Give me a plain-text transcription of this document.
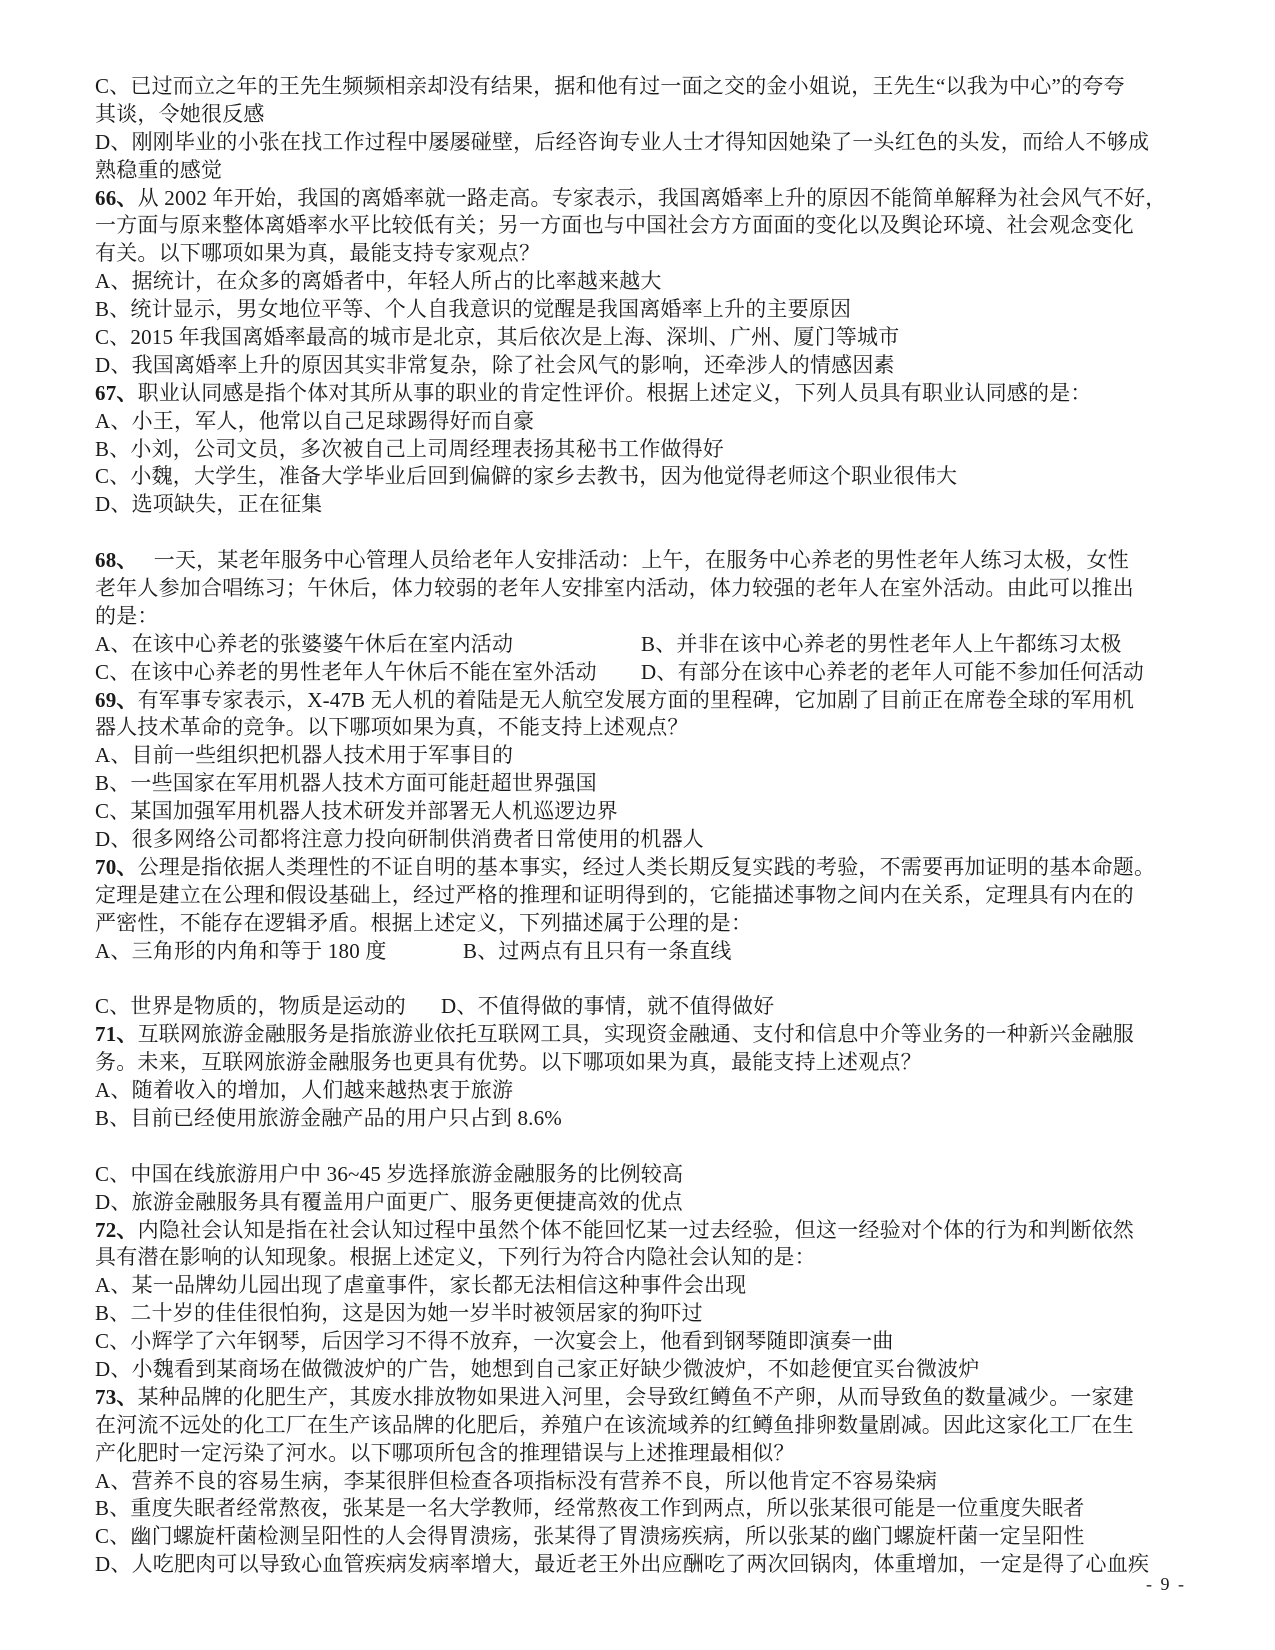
C、已过而立之年的王先生频频相亲却没有结果，据和他有过一面之交的金小姐说，王先生“以我为中心”的夸夸
其谈，令她很反感
D、刚刚毕业的小张在找工作过程中屡屡碰壁，后经咨询专业人士才得知因她染了一头红色的头发，而给人不够成
熟稳重的感觉
66、从 2002 年开始，我国的离婚率就一路走高。专家表示，我国离婚率上升的原因不能简单解释为社会风气不好，
一方面与原来整体离婚率水平比较低有关；另一方面也与中国社会方方面面的变化以及舆论环境、社会观念变化
有关。以下哪项如果为真，最能支持专家观点？
A、据统计，在众多的离婚者中，年轻人所占的比率越来越大
B、统计显示，男女地位平等、个人自我意识的觉醒是我国离婚率上升的主要原因
C、2015 年我国离婚率最高的城市是北京，其后依次是上海、深圳、广州、厦门等城市
D、我国离婚率上升的原因其实非常复杂，除了社会风气的影响，还牵涉人的情感因素
67、职业认同感是指个体对其所从事的职业的肯定性评价。根据上述定义，下列人员具有职业认同感的是：
A、小王，军人，他常以自己足球踢得好而自豪
B、小刘，公司文员，多次被自己上司周经理表扬其秘书工作做得好
C、小魏，大学生，准备大学毕业后回到偏僻的家乡去教书，因为他觉得老师这个职业很伟大
D、选项缺失，正在征集
68、　 一天，某老年服务中心管理人员给老年人安排活动：上午，在服务中心养老的男性老年人练习太极，女性
老年人参加合唱练习；午休后，体力较弱的老年人安排室内活动，体力较强的老年人在室外活动。由此可以推出
的是：
A、在该中心养老的张婆婆午休后在室内活动	B、并非在该中心养老的男性老年人上午都练习太极
C、在该中心养老的男性老年人午休后不能在室外活动	D、有部分在该中心养老的老年人可能不参加任何活动
69、有军事专家表示，X-47B 无人机的着陆是无人航空发展方面的里程碑，它加剧了目前正在席卷全球的军用机
器人技术革命的竞争。以下哪项如果为真，不能支持上述观点？
A、目前一些组织把机器人技术用于军事目的
B、一些国家在军用机器人技术方面可能赶超世界强国
C、某国加强军用机器人技术研发并部署无人机巡逻边界
D、很多网络公司都将注意力投向研制供消费者日常使用的机器人
70、公理是指依据人类理性的不证自明的基本事实，经过人类长期反复实践的考验，不需要再加证明的基本命题。
定理是建立在公理和假设基础上，经过严格的推理和证明得到的，它能描述事物之间内在关系，定理具有内在的
严密性，不能存在逻辑矛盾。根据上述定义，下列描述属于公理的是：
A、三角形的内角和等于 180 度	B、过两点有且只有一条直线
C、世界是物质的，物质是运动的	D、不值得做的事情，就不值得做好
71、互联网旅游金融服务是指旅游业依托互联网工具，实现资金融通、支付和信息中介等业务的一种新兴金融服
务。未来，互联网旅游金融服务也更具有优势。以下哪项如果为真，最能支持上述观点？
A、随着收入的增加，人们越来越热衷于旅游
B、目前已经使用旅游金融产品的用户只占到 8.6%
C、中国在线旅游用户中 36~45 岁选择旅游金融服务的比例较高
D、旅游金融服务具有覆盖用户面更广、服务更便捷高效的优点
72、内隐社会认知是指在社会认知过程中虽然个体不能回忆某一过去经验，但这一经验对个体的行为和判断依然
具有潜在影响的认知现象。根据上述定义，下列行为符合内隐社会认知的是：
A、某一品牌幼儿园出现了虐童事件，家长都无法相信这种事件会出现
B、二十岁的佳佳很怕狗，这是因为她一岁半时被领居家的狗吓过
C、小辉学了六年钢琴，后因学习不得不放弃，一次宴会上，他看到钢琴随即演奏一曲
D、小魏看到某商场在做微波炉的广告，她想到自己家正好缺少微波炉，不如趁便宜买台微波炉
73、某种品牌的化肥生产，其废水排放物如果进入河里，会导致红鳟鱼不产卵，从而导致鱼的数量减少。一家建
在河流不远处的化工厂在生产该品牌的化肥后，养殖户在该流域养的红鳟鱼排卵数量剧减。因此这家化工厂在生
产化肥时一定污染了河水。以下哪项所包含的推理错误与上述推理最相似？
A、营养不良的容易生病，李某很胖但检查各项指标没有营养不良，所以他肯定不容易染病
B、重度失眠者经常熬夜，张某是一名大学教师，经常熬夜工作到两点，所以张某很可能是一位重度失眠者
C、幽门螺旋杆菌检测呈阳性的人会得胃溃疡，张某得了胃溃疡疾病，所以张某的幽门螺旋杆菌一定呈阳性
D、人吃肥肉可以导致心血管疾病发病率增大，最近老王外出应酬吃了两次回锅肉，体重增加，一定是得了心血疾
- 9 -
